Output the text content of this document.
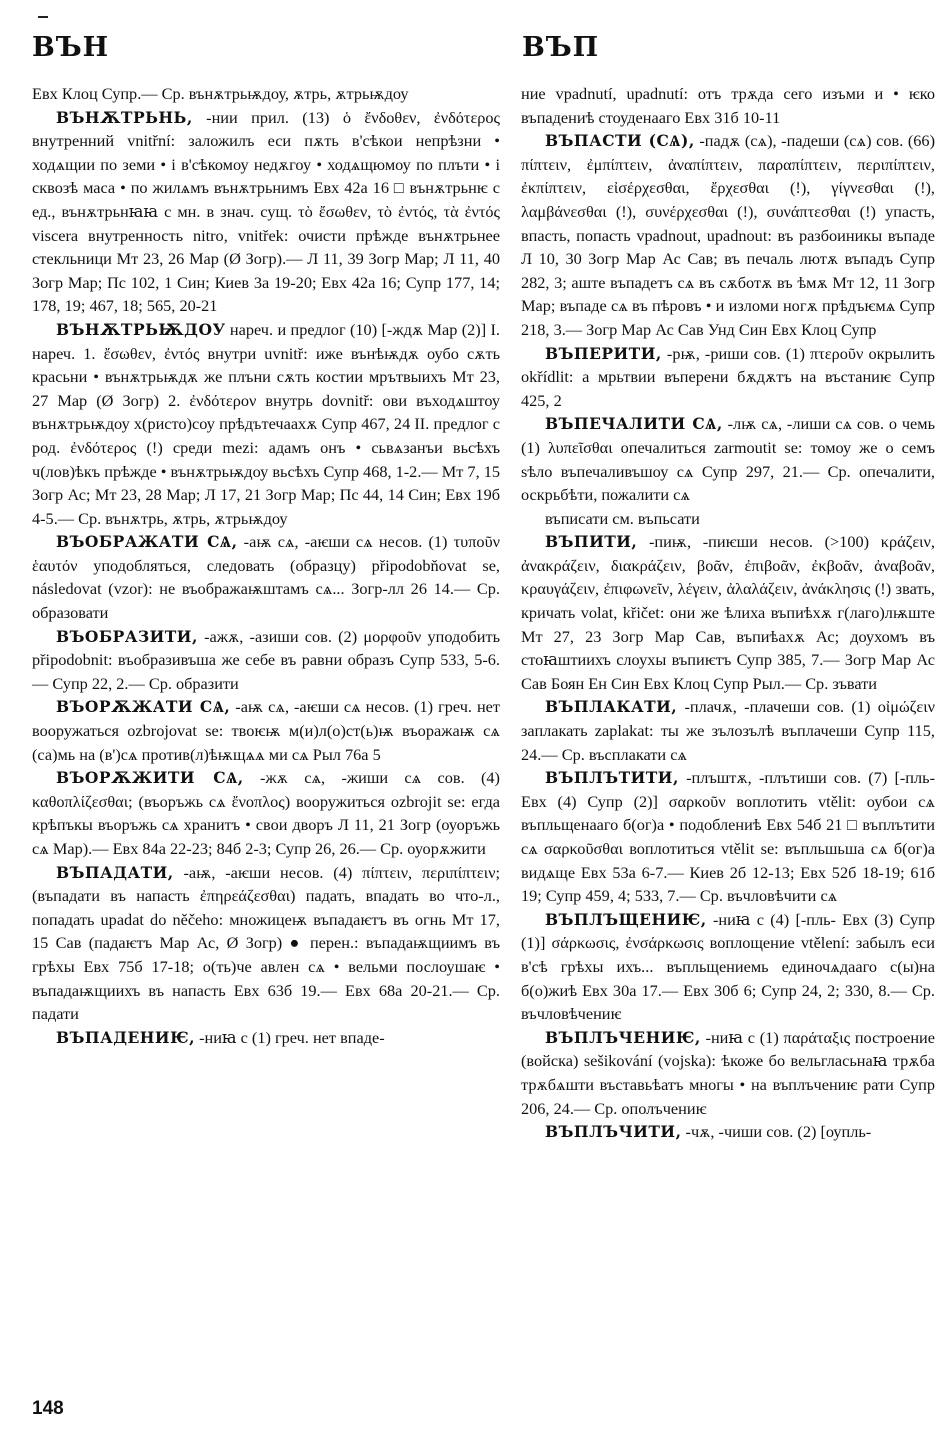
ВЪН	ВЪП

Евх Клоц Супр.— Ср. вънѫтрьѭдоу, ѫтрь, ѫтрьѭдоу

ВЪНѪТРЬНЬ, -нии прил. (13) ὁ ἔνδοθεν, ἐνδότερος внутренний vnitřní: заложилъ еси пѫть в'сѣкои непрѣзни • ходѧщии по земи • і в'сѣкомоу недѫгоу • ходѧщюмоу по плъти • і сквозѣ маса • по жилѧмъ вънѫтрьнимъ Евх 42а 16 □ вънѫтрьнѥ с ед., вънѫтрьнꙗꙗ с мн. в знач. сущ. τὸ ἔσωθεν, τὸ ἐντός, τὰ ἐντός viscera внутренность nitro, vnitřek: очисти прѣжде вънѫтрьнее стекльници Мт 23, 26 Мар (Ø Зогр).— Л 11, 39 Зогр Мар; Л 11, 40 Зогр Мар; Пс 102, 1 Син; Киев 3а 19-20; Евх 42а 16; Супр 177, 14; 178, 19; 467, 18; 565, 20-21

ВЪНѪТРЬѬДОУ нареч. и предлог (10) [-ждѫ Мар (2)] I. нареч. 1. ἔσωθεν, ἐντός внутри uvnitř: иже вънѣѭдѫ оубо сѫть красьни • вънѫтрьѭдѫ же плъни сѫть костии мрътвыихъ Мт 23, 27 Мар (Ø Зогр) 2. ἐνδότερον внутрь dovnitř: ови въходѧштоу вънѫтрьѭдоу х(ристо)соу прѣдътечаахѫ Супр 467, 24 II. предлог с род. ἐνδότερος (!) среди mezi: адамъ онъ • сьвѧзанъи вьсѣхъ ч(лов)ѣкъ прѣжде • вънѫтрьѭдоу вьсѣхъ Супр 468, 1-2.— Мт 7, 15 Зогр Ас; Мт 23, 28 Мар; Л 17, 21 Зогр Мар; Пс 44, 14 Син; Евх 19б 4-5.— Ср. вънѫтрь, ѫтрь, ѫтрьѭдоу

ВЪОБРАЖАТИ СѦ, -аѭ сѧ, -аѥши сѧ несов. (1) τυποῦν ἑαυτόν уподобляться, следовать (образцу) připodobňovat se, následovat (vzor): не въображаѭштамъ сѧ... Зогр-лл 26 14.— Ср. образовати

ВЪОБРАЗИТИ, -ажѫ, -азиши сов. (2) μορφοῦν уподобить připodobnit: въобразивъша же себе въ равни образъ Супр 533, 5-6.— Супр 22, 2.— Ср. образити

ВЪОРѪЖАТИ СѦ, -аѭ сѧ, -аѥши сѧ несов. (1) греч. нет вооружаться ozbrojovat se: твоѥѭ м(и)л(о)ст(ь)ѭ въоражаѭ сѧ (са)мь на (в')сѧ против(л)ѣѭщѧѧ ми сѧ Рыл 76а 5

ВЪОРѪЖИТИ СѦ, -жѫ сѧ, -жиши сѧ сов. (4) καθοπλίζεσθαι; (въоръжь сѧ ἔνοπλος) вооружиться ozbrojit se: егда крѣпъкы въоръжь сѧ хранитъ • свои дворъ Л 11, 21 Зогр (оуоръжь сѧ Мар).— Евх 84а 22-23; 84б 2-3; Супр 26, 26.— Ср. оуорѫжити

ВЪПАДАТИ, -аѭ, -аѥши несов. (4) πίπτειν, περιπίπτειν; (въпадати въ напасть ἐπηρεάζεσθαι) падать, впадать во что-л., попадать upadat do něčeho: множицеѭ въпадаѥтъ въ огнь Мт 17, 15 Сав (падаѥтъ Мар Ас, Ø Зогр) ● перен.: въпадаѭщиимъ въ грѣхы Евх 75б 17-18; о(ть)че авлен сѧ • вельми послоушаѥ • въпадаѭщиихъ въ напасть Евх 63б 19.— Евх 68а 20-21.— Ср. падати

ВЪПАДЕНИѤ, -ниꙗ с (1) греч. нет впаде-

ние vpadnutí, upadnutí: отъ трѫда сего изъми и • ѥко въпадениѣ стоуденааго Евх 31б 10-11

ВЪПАСТИ (СѦ), -падѫ (сѧ), -падеши (сѧ) сов. (66) πίπτειν, ἐμπίπτειν, ἀναπίπτειν, παραπίπτειν, περιπίπτειν, ἐκπίπτειν, εἰσέρχεσθαι, ἔρχεσθαι (!), γίγνεσθαι (!), λαμβάνεσθαι (!), συνέρχεσθαι (!), συνάπτεσθαι (!) упасть, впасть, попасть vpadnout, upadnout: въ разбоиникы въпаде Л 10, 30 Зогр Мар Ас Сав; въ печаль лютѫ въпадъ Супр 282, 3; аште въпадетъ сѧ въ сѫботѫ въ ѣмѫ Мт 12, 11 Зогр Мар; въпаде сѧ въ пѣровъ • и изломи ногѫ прѣдъѥмѧ Супр 218, 3.— Зогр Мар Ас Сав Унд Син Евх Клоц Супр

ВЪПЕРИТИ, -рѭ, -риши сов. (1) πτεροῦν окрылить okřídlit: а мрьтвии въперени бѫдѫтъ на въстаниѥ Супр 425, 2

ВЪПЕЧАЛИТИ СѦ, -лѭ сѧ, -лиши сѧ сов. о чемь (1) λυπεῖσθαι опечалиться zarmoutit se: томоу же о семъ ѕѣло въпечаливъшоу сѧ Супр 297, 21.— Ср. опечалити, оскрьбѣти, пожалити сѧ

въписати см. въпьсати

ВЪПИТИ, -пиѭ, -пиѥши несов. (>100) κράζειν, ἀνακράζειν, διακράζειν, βοᾶν, ἐπιβοᾶν, ἐκβοᾶν, ἀναβοᾶν, κραυγάζειν, ἐπιφωνεῖν, λέγειν, ἀλαλάζειν, ἀνάκλησις (!) звать, кричать volat, křičet: они же ѣлиха въпиѣхѫ г(лаго)лѭште Мт 27, 23 Зогр Мар Сав, въпиѣахѫ Ас; доухомъ въ стоꙗштиихъ слоухы въпиѥтъ Супр 385, 7.— Зогр Мар Ас Сав Боян Ен Син Евх Клоц Супр Рыл.— Ср. зъвати

ВЪПЛАКАТИ, -плачѫ, -плачеши сов. (1) οἰμώζειν заплакать zaplakat: ты же зълозълѣ въплачеши Супр 115, 24.— Ср. въсплакати сѧ

ВЪПЛЪТИТИ, -плъштѫ, -плътиши сов. (7) [-пль- Евх (4) Супр (2)] σαρκοῦν воплотить vtělit: оубои сѧ въпльщенааго б(ог)а • подоблениѣ Евх 54б 21 □ въплътити сѧ σαρκοῦσθαι воплотиться vtělit se: въпльшьша сѧ б(ог)а видѧще Евх 53а 6-7.— Киев 2б 12-13; Евх 52б 18-19; 61б 19; Супр 459, 4; 533, 7.— Ср. въчловѣчити сѧ

ВЪПЛЪЩЕНИѤ, -ниꙗ с (4) [-пль- Евх (3) Супр (1)] σάρκωσις, ἐνσάρκωσις воплощение vtělení: забылъ еси в'сѣ грѣхы ихъ... въпльщениемь единочѧдааго с(ы)на б(о)жиѣ Евх 30а 17.— Евх 30б 6; Супр 24, 2; 330, 8.— Ср. въчловѣчениѥ

ВЪПЛЪЧЕНИѤ, -ниꙗ с (1) παράταξις построение (войска) sešikování (vojska): ѣкоже бо вельгласьнаꙗ трѫба трѫбѧшти въставьѣатъ многы • на въплъчениѥ рати Супр 206, 24.— Ср. ополъчениѥ

ВЪПЛЪЧИТИ, -чѫ, -чиши сов. (2) [оупль-

148
